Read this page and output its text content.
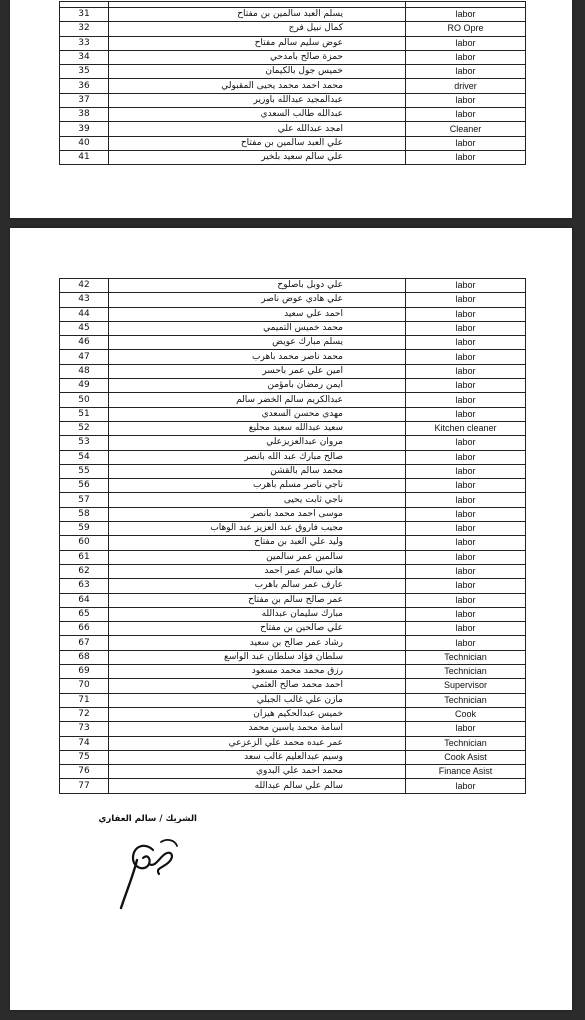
31	يسلم العبد سالمين بن مفتاح	labor
32	كمال نبيل فرج	RO Opre
33	عوض سليم سالم مفتاح	labor
34	حمزة صالح بامدحي	labor
35	خميس جول بالكيمان	labor
36	محمد احمد محمد يحيى المقبولي	driver
37	عبدالمجيد عبدالله باوزير	labor
38	عبدالله طالب السعدي	labor
39	امجد عبدالله علي	Cleaner
40	علي العبد سالمين بن مفتاح	labor
41	علي سالم سعيد بلخير	labor
42	علي دوبل باصلوح	labor
43	علي هادي عوض ناصر	labor
44	احمد علي سعيد	labor
45	محمد خميس التميمي	labor
46	يسلم مبارك عويض	labor
47	محمد ناصر محمد باهرب	labor
48	امين علي عمر باحسر	labor
49	ايمن رمضان بامؤمن	labor
50	عبدالكريم سالم الخضر سالم	labor
51	مهدي محسن السعدي	labor
52	سعيد عبدالله سعيد مجليع	Kitchen cleaner
53	مروان عبدالعزيزعلي	labor
54	صالح مبارك عبد الله بانصر	labor
55	محمد سالم بالقشن	labor
56	ناجي ناصر مسلم باهرب	labor
57	ناجي ثابت يحيى	labor
58	موسى احمد محمد بانصر	labor
59	مجيب فاروق عبد العزيز عبد الوهاب	labor
60	وليد علي العبد بن مفتاح	labor
61	سالمين عمر سالمين	labor
62	هاني سالم عمر احمد	labor
63	عارف عمر سالم باهرب	labor
64	عمر صالح سالم بن مفتاح	labor
65	مبارك سليمان عبدالله	labor
66	علي صالحين بن مفتاح	labor
67	رشاد عمر صالح بن سعيد	labor
68	سلطان فؤاد سلطان عبد الواسع	Technician
69	رزق محمد محمد مسعود	Technician
70	احمد محمد صالح العثمي	Supervisor
71	مازن علي غالب الجبلي	Technician
72	خميس عبدالحكيم هيزان	Cook
73	اسامة محمد ياسين محمد	labor
74	عمر عبده محمد علي الزعزعي	Technician
75	وسيم عبدالعليم غالب سعد	Cook Asist
76	محمد احمد علي البدوي	Finance Asist
77	سالم علي سالم عبدالله	labor
الشريك / سالم العفاري
